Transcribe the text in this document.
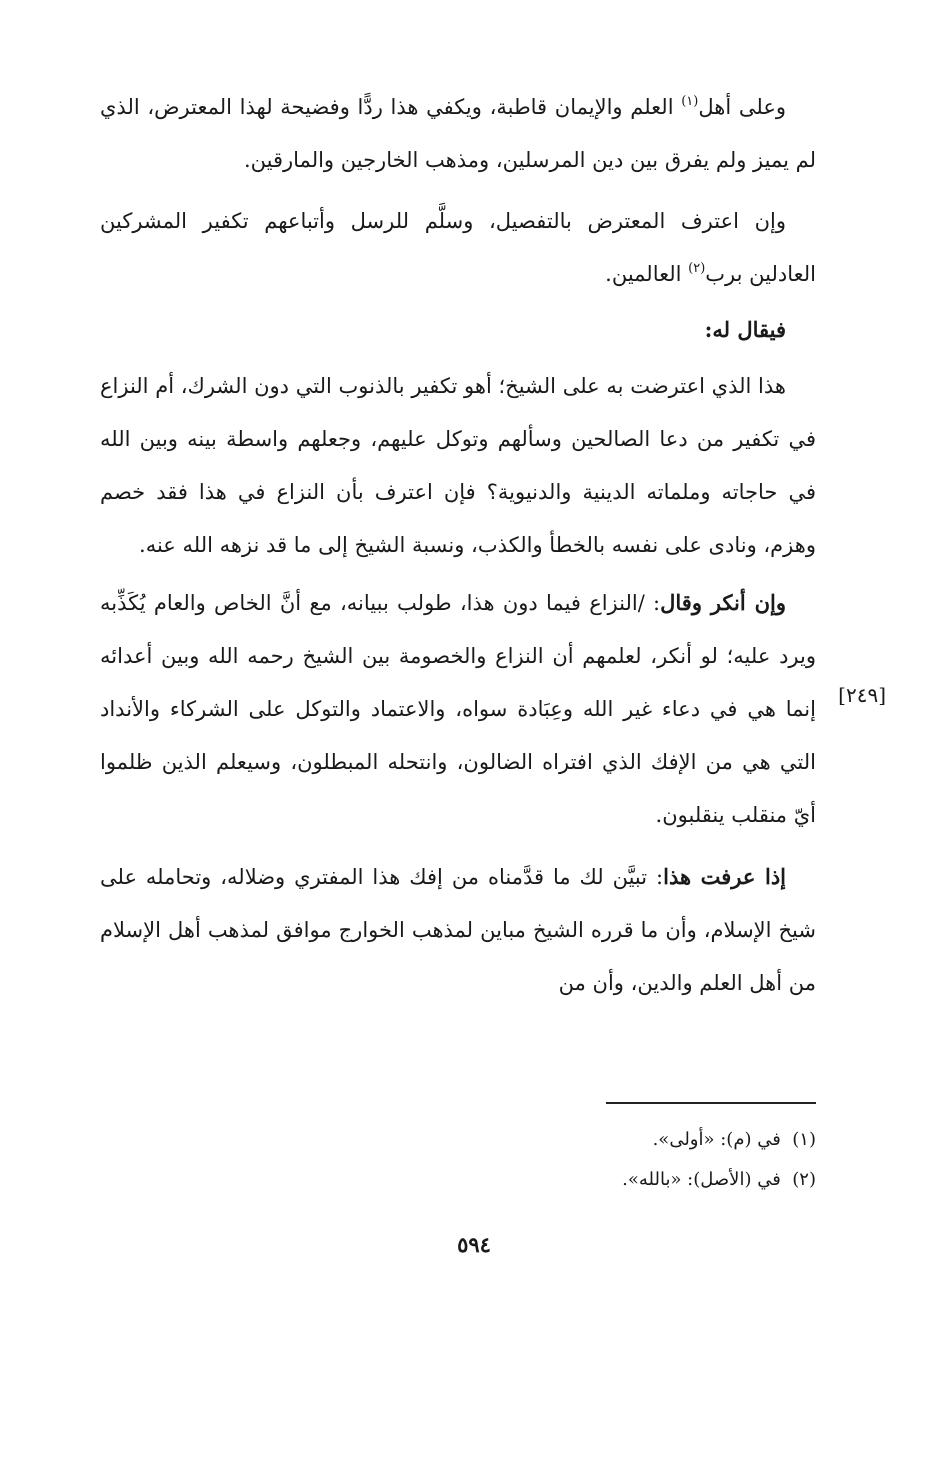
وعلى أهل$^{(١)}$ العلم والإيمان قاطبة، ويكفي هذا ردًّا وفضيحة لهذا المعترض، الذي لم يميز ولم يفرق بين دين المرسلين، ومذهب الخارجين والمارقين.

وإن اعترف المعترض بالتفصيل، وسلَّم للرسل وأتباعهم تكفير المشركين العادلين برب$^{(٢)}$ العالمين.

فيقال له:

هذا الذي اعترضت به على الشيخ؛ أهو تكفير بالذنوب التي دون الشرك، أم النزاع في تكفير من دعا الصالحين وسألهم وتوكل عليهم، وجعلهم واسطة بينه وبين الله في حاجاته وملماته الدينية والدنيوية؟ فإن اعترف بأن النزاع في هذا فقد خصم وهزم، ونادى على نفسه بالخطأ والكذب، ونسبة الشيخ إلى ما قد نزهه الله عنه.

وإن أنكر وقال: /النزاع فيما دون هذا، طولب ببيانه، مع أنَّ الخاص والعام يُكَذِّبه ويرد عليه؛ لو أنكر، لعلمهم أن النزاع والخصومة بين الشيخ رحمه الله وبين أعدائه إنما هي في دعاء غير الله وعِبَادة سواه، والاعتماد والتوكل على الشركاء والأنداد التي هي من الإفك الذي افتراه الضالون، وانتحله المبطلون، وسيعلم الذين ظلموا أيّ منقلب ينقلبون.

إذا عرفت هذا: تبيَّن لك ما قدَّمناه من إفك هذا المفتري وضلاله، وتحامله على شيخ الإسلام، وأن ما قرره الشيخ مباين لمذهب الخوارج موافق لمذهب أهل الإسلام من أهل العلم والدين، وأن من

[٢٤٩]

(١)  في (م): «أولى».

(٢)  في (الأصل): «بالله».

٥٩٤
